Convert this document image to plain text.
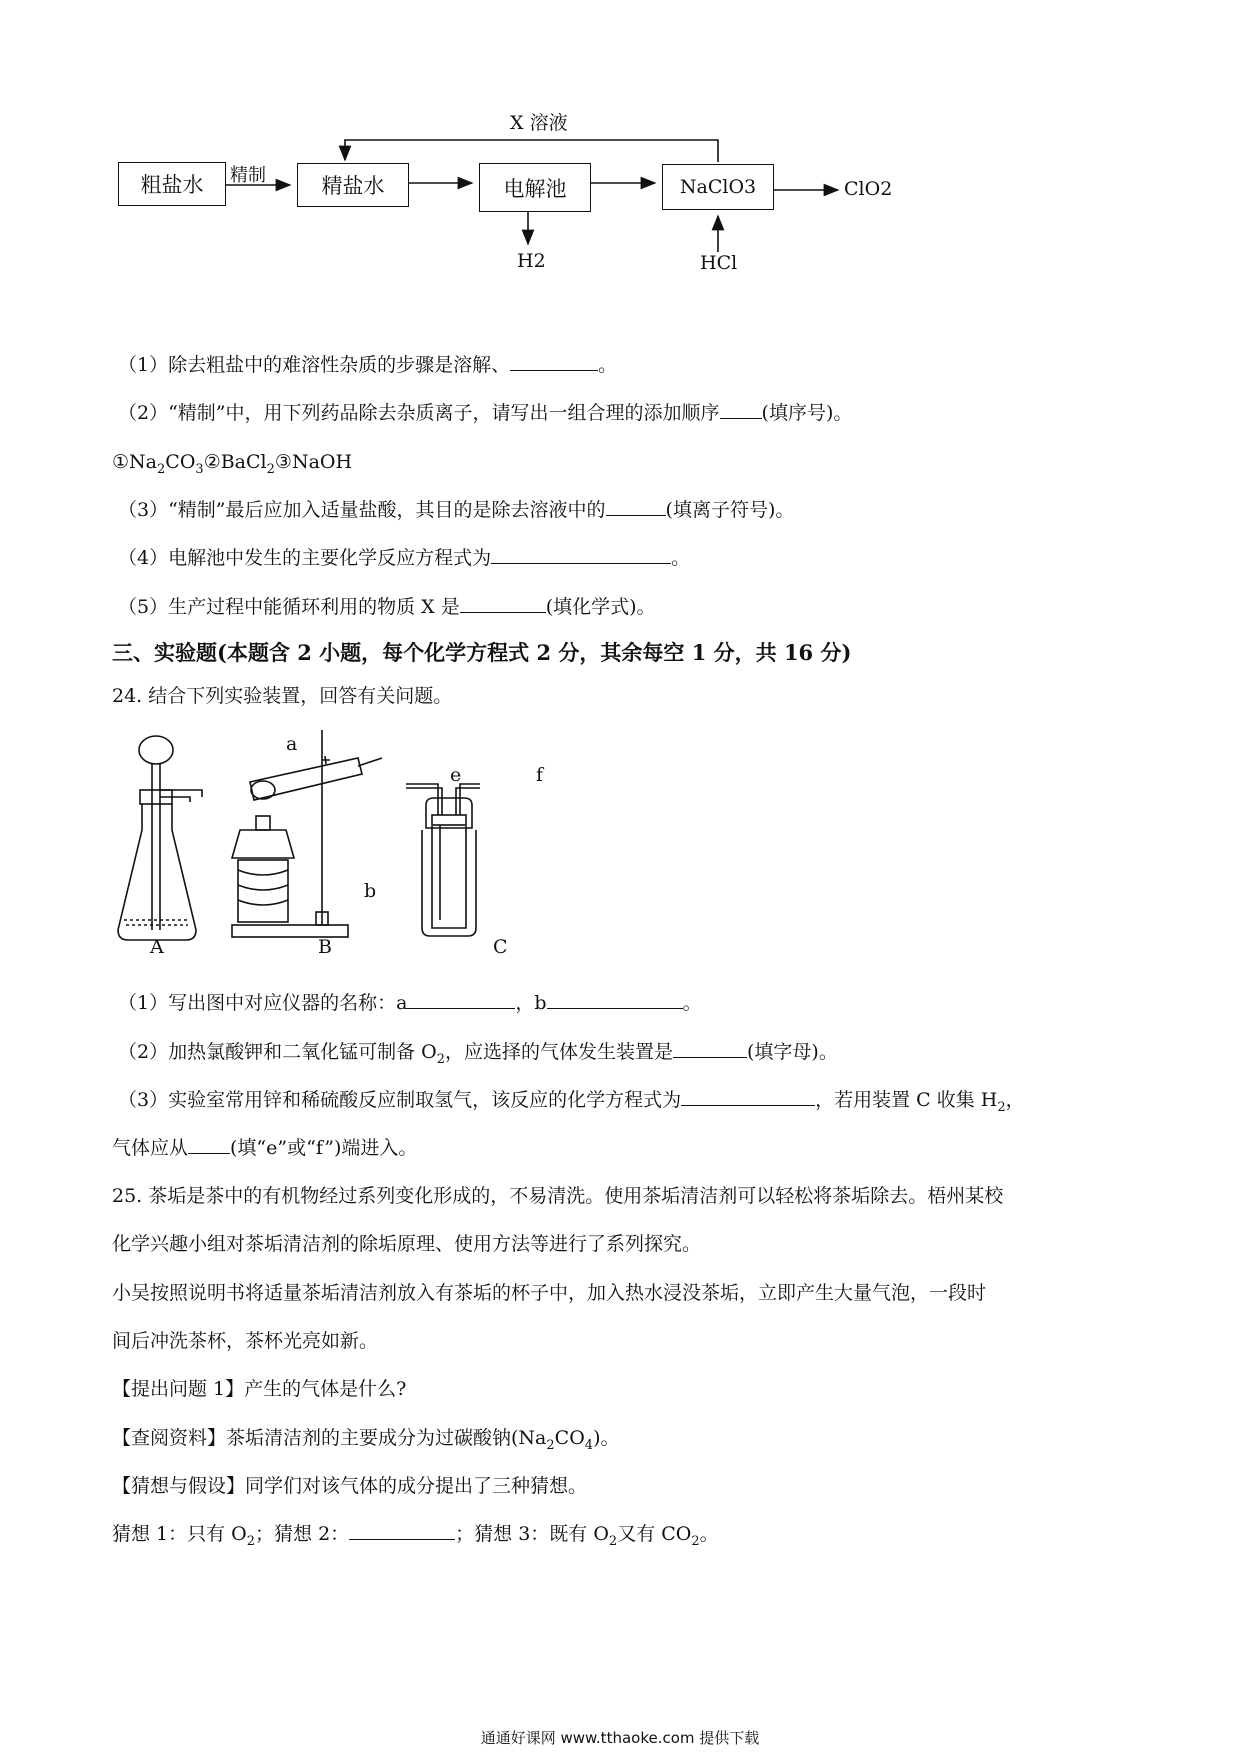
X 溶液
粗盐水	精制	精盐水	电解池	NaClO3	ClO2
H2	HCl
（1）除去粗盐中的难溶性杂质的步骤是溶解、	。
（2）“精制”中，用下列药品除去杂质离子，请写出一组合理的添加顺序 (填序号)。
$①Na_2CO_3②BaCl_2③NaOH$
（3）“精制”最后应加入适量盐酸，其目的是除去溶液中的	(填离子符号)。
（4）电解池中发生的主要化学反应方程式为	。
（5）生产过程中能循环利用的物质 X 是	(填化学式)。
三、实验题(本题含 2 小题，每个化学方程式 2 分，其余每空 1 分，共 16 分)
24. 结合下列实验装置，回答有关问题。
A	B	C
a
b
e	f
（1）写出图中对应仪器的名称：a	，b	。
（2）加热氯酸钾和二氧化锰可制备 $O_2$，应选择的气体发生装置是	(填字母)。
（3）实验室常用锌和稀硫酸反应制取氢气，该反应的化学方程式为	，若用装置 C 收集 $H_2$，
气体应从 (填“e”或“f”)端进入。
25. 茶垢是茶中的有机物经过系列变化形成的，不易清洗。使用茶垢清洁剂可以轻松将茶垢除去。梧州某校
化学兴趣小组对茶垢清洁剂的除垢原理、使用方法等进行了系列探究。
小吴按照说明书将适量茶垢清洁剂放入有茶垢的杯子中，加入热水浸没茶垢，立即产生大量气泡，一段时
间后冲洗茶杯，茶杯光亮如新。
【提出问题 1】产生的气体是什么?
【查阅资料】茶垢清洁剂的主要成分为过碳酸钠$(Na_2CO_4)$。
【猜想与假设】同学们对该气体的成分提出了三种猜想。
猜想 1：只有 $O_2$；猜想 2：	；猜想 3：既有 $O_2$又有 $CO_2$。
通通好课网 www.tthaoke.com 提供下载
